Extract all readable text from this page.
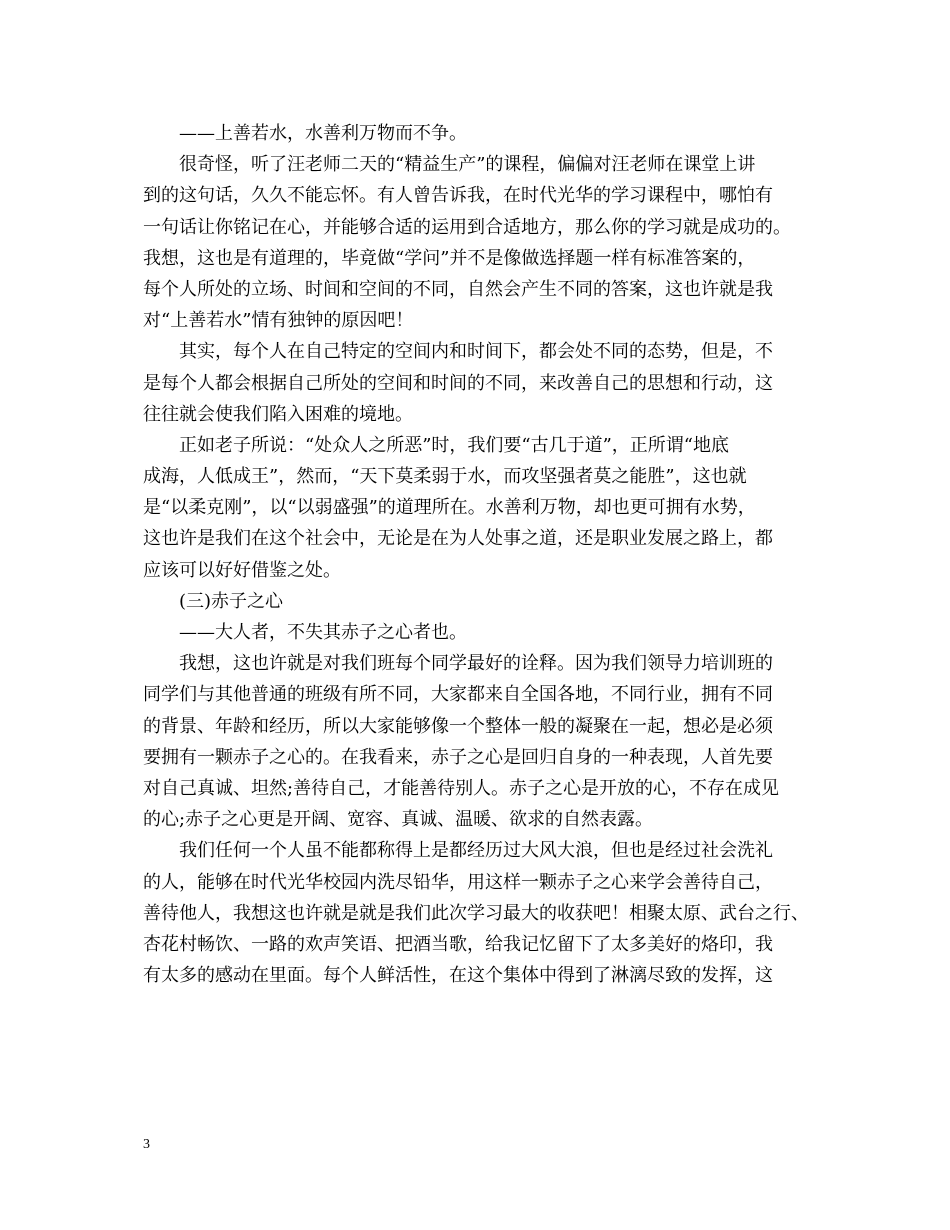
——上善若水，水善利万物而不争。
很奇怪，听了汪老师二天的“精益生产”的课程，偏偏对汪老师在课堂上讲
到的这句话，久久不能忘怀。有人曾告诉我，在时代光华的学习课程中，哪怕有
一句话让你铭记在心，并能够合适的运用到合适地方，那么你的学习就是成功的。
我想，这也是有道理的，毕竟做“学问”并不是像做选择题一样有标准答案的，
每个人所处的立场、时间和空间的不同，自然会产生不同的答案，这也许就是我
对“上善若水”情有独钟的原因吧！
其实，每个人在自己特定的空间内和时间下，都会处不同的态势，但是，不
是每个人都会根据自己所处的空间和时间的不同，来改善自己的思想和行动，这
往往就会使我们陷入困难的境地。
正如老子所说：“处众人之所恶”时，我们要“古几于道”，正所谓“地底
成海，人低成王”，然而，“天下莫柔弱于水，而攻坚强者莫之能胜”，这也就
是“以柔克刚”，以“以弱盛强”的道理所在。水善利万物，却也更可拥有水势，
这也许是我们在这个社会中，无论是在为人处事之道，还是职业发展之路上，都
应该可以好好借鉴之处。
(三)赤子之心
——大人者，不失其赤子之心者也。
我想，这也许就是对我们班每个同学最好的诠释。因为我们领导力培训班的
同学们与其他普通的班级有所不同，大家都来自全国各地，不同行业，拥有不同
的背景、年龄和经历，所以大家能够像一个整体一般的凝聚在一起，想必是必须
要拥有一颗赤子之心的。在我看来，赤子之心是回归自身的一种表现，人首先要
对自己真诚、坦然;善待自己，才能善待别人。赤子之心是开放的心，不存在成见
的心;赤子之心更是开阔、宽容、真诚、温暖、欲求的自然表露。
我们任何一个人虽不能都称得上是都经历过大风大浪，但也是经过社会洗礼
的人，能够在时代光华校园内洗尽铅华，用这样一颗赤子之心来学会善待自己，
善待他人，我想这也许就是就是我们此次学习最大的收获吧！相聚太原、武台之行、
杏花村畅饮、一路的欢声笑语、把酒当歌，给我记忆留下了太多美好的烙印，我
有太多的感动在里面。每个人鲜活性，在这个集体中得到了淋漓尽致的发挥，这
3
